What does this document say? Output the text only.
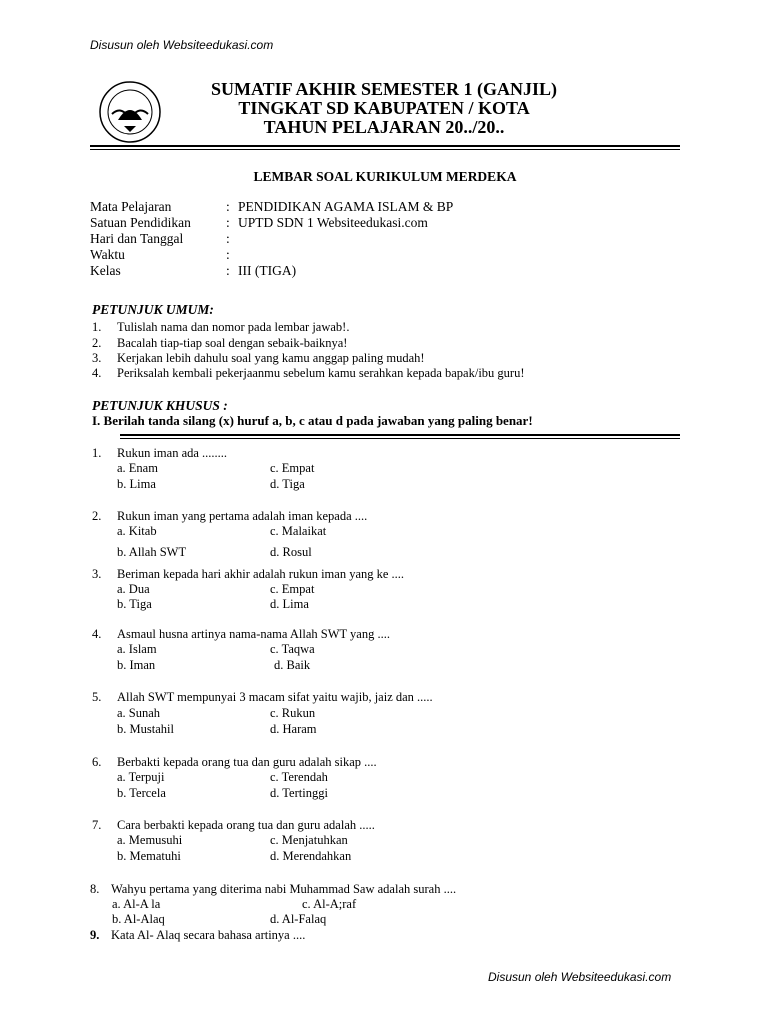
Disusun oleh Websiteedukasi.com
SUMATIF AKHIR SEMESTER 1 (GANJIL)
TINGKAT SD KABUPATEN / KOTA
TAHUN PELAJARAN 20../20..
LEMBAR SOAL KURIKULUM MERDEKA
Mata Pelajaran	: PENDIDIKAN AGAMA ISLAM & BP
Satuan Pendidikan	: UPTD SDN 1 Websiteedukasi.com
Hari dan Tanggal	:
Waktu	:
Kelas	: III (TIGA)
PETUNJUK UMUM:
1. Tulislah nama dan nomor pada lembar jawab!.
2. Bacalah tiap-tiap soal dengan sebaik-baiknya!
3. Kerjakan lebih dahulu soal yang kamu anggap paling mudah!
4. Periksalah kembali pekerjaanmu sebelum kamu serahkan kepada bapak/ibu guru!
PETUNJUK KHUSUS :
I. Berilah tanda silang (x) huruf a, b, c atau d pada jawaban yang paling benar!
1. Rukun iman ada ........
a. Enam	c. Empat
b. Lima	d. Tiga
2. Rukun iman yang pertama adalah iman kepada ....
a. Kitab	c. Malaikat
b. Allah SWT	d. Rosul
3. Beriman kepada hari akhir adalah rukun iman yang ke ....
a. Dua	c. Empat
b. Tiga	d. Lima
4. Asmaul husna artinya nama-nama Allah SWT yang ....
a. Islam	c. Taqwa
b. Iman	d. Baik
5. Allah SWT mempunyai 3 macam sifat yaitu wajib, jaiz dan .....
a. Sunah	c. Rukun
b. Mustahil	d. Haram
6. Berbakti kepada orang tua dan guru adalah sikap ....
a. Terpuji	c. Terendah
b. Tercela	d. Tertinggi
7. Cara berbakti kepada orang tua dan guru adalah .....
a. Memusuhi	c. Menjatuhkan
b. Mematuhi	d. Merendahkan
8. Wahyu pertama yang diterima nabi Muhammad Saw adalah surah ....
a. Al-A la	c. Al-A;raf
b. Al-Alaq	d. Al-Falaq
9. Kata Al- Alaq secara bahasa artinya ....
Disusun oleh Websiteedukasi.com
